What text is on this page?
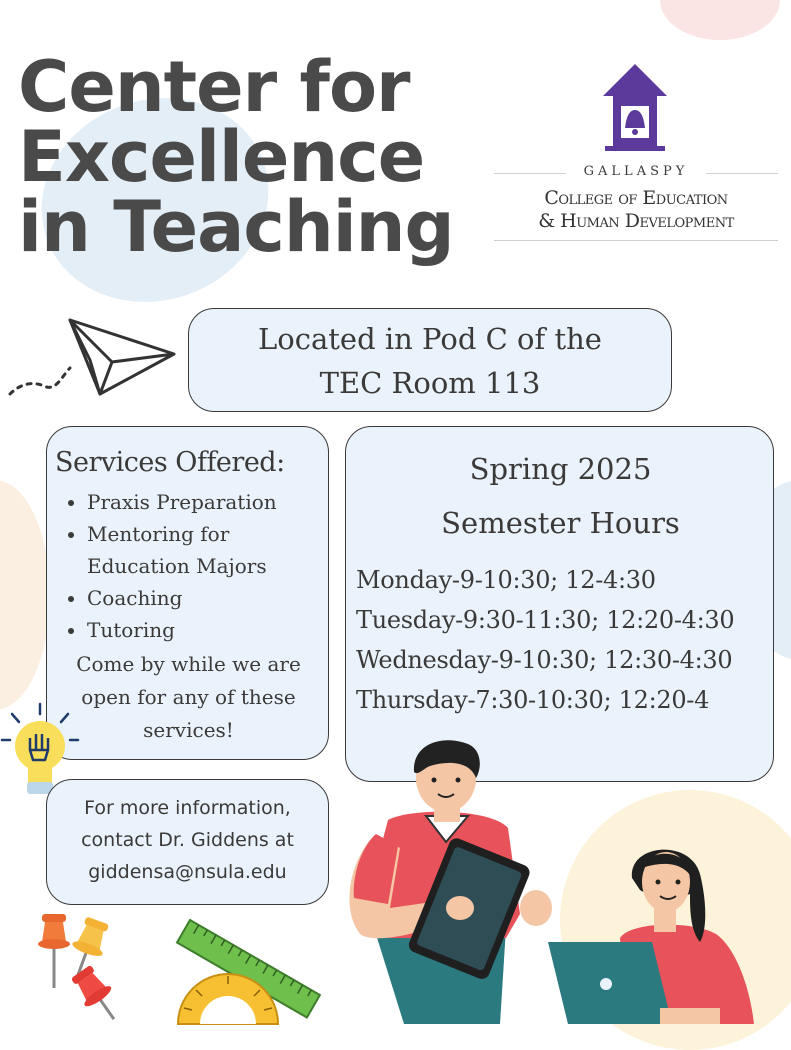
Center for
Excellence
in Teaching
GALLASPY
College of Education
& Human Development
Located in Pod C of the
TEC Room 113
Services Offered:
• Praxis Preparation
• Mentoring for Education Majors
• Coaching
• Tutoring
Come by while we are open for any of these services!
Spring 2025
Semester Hours
Monday-9-10:30; 12-4:30
Tuesday-9:30-11:30; 12:20-4:30
Wednesday-9-10:30; 12:30-4:30
Thursday-7:30-10:30; 12:20-4
For more information,
contact Dr. Giddens at
giddensa@nsula.edu
